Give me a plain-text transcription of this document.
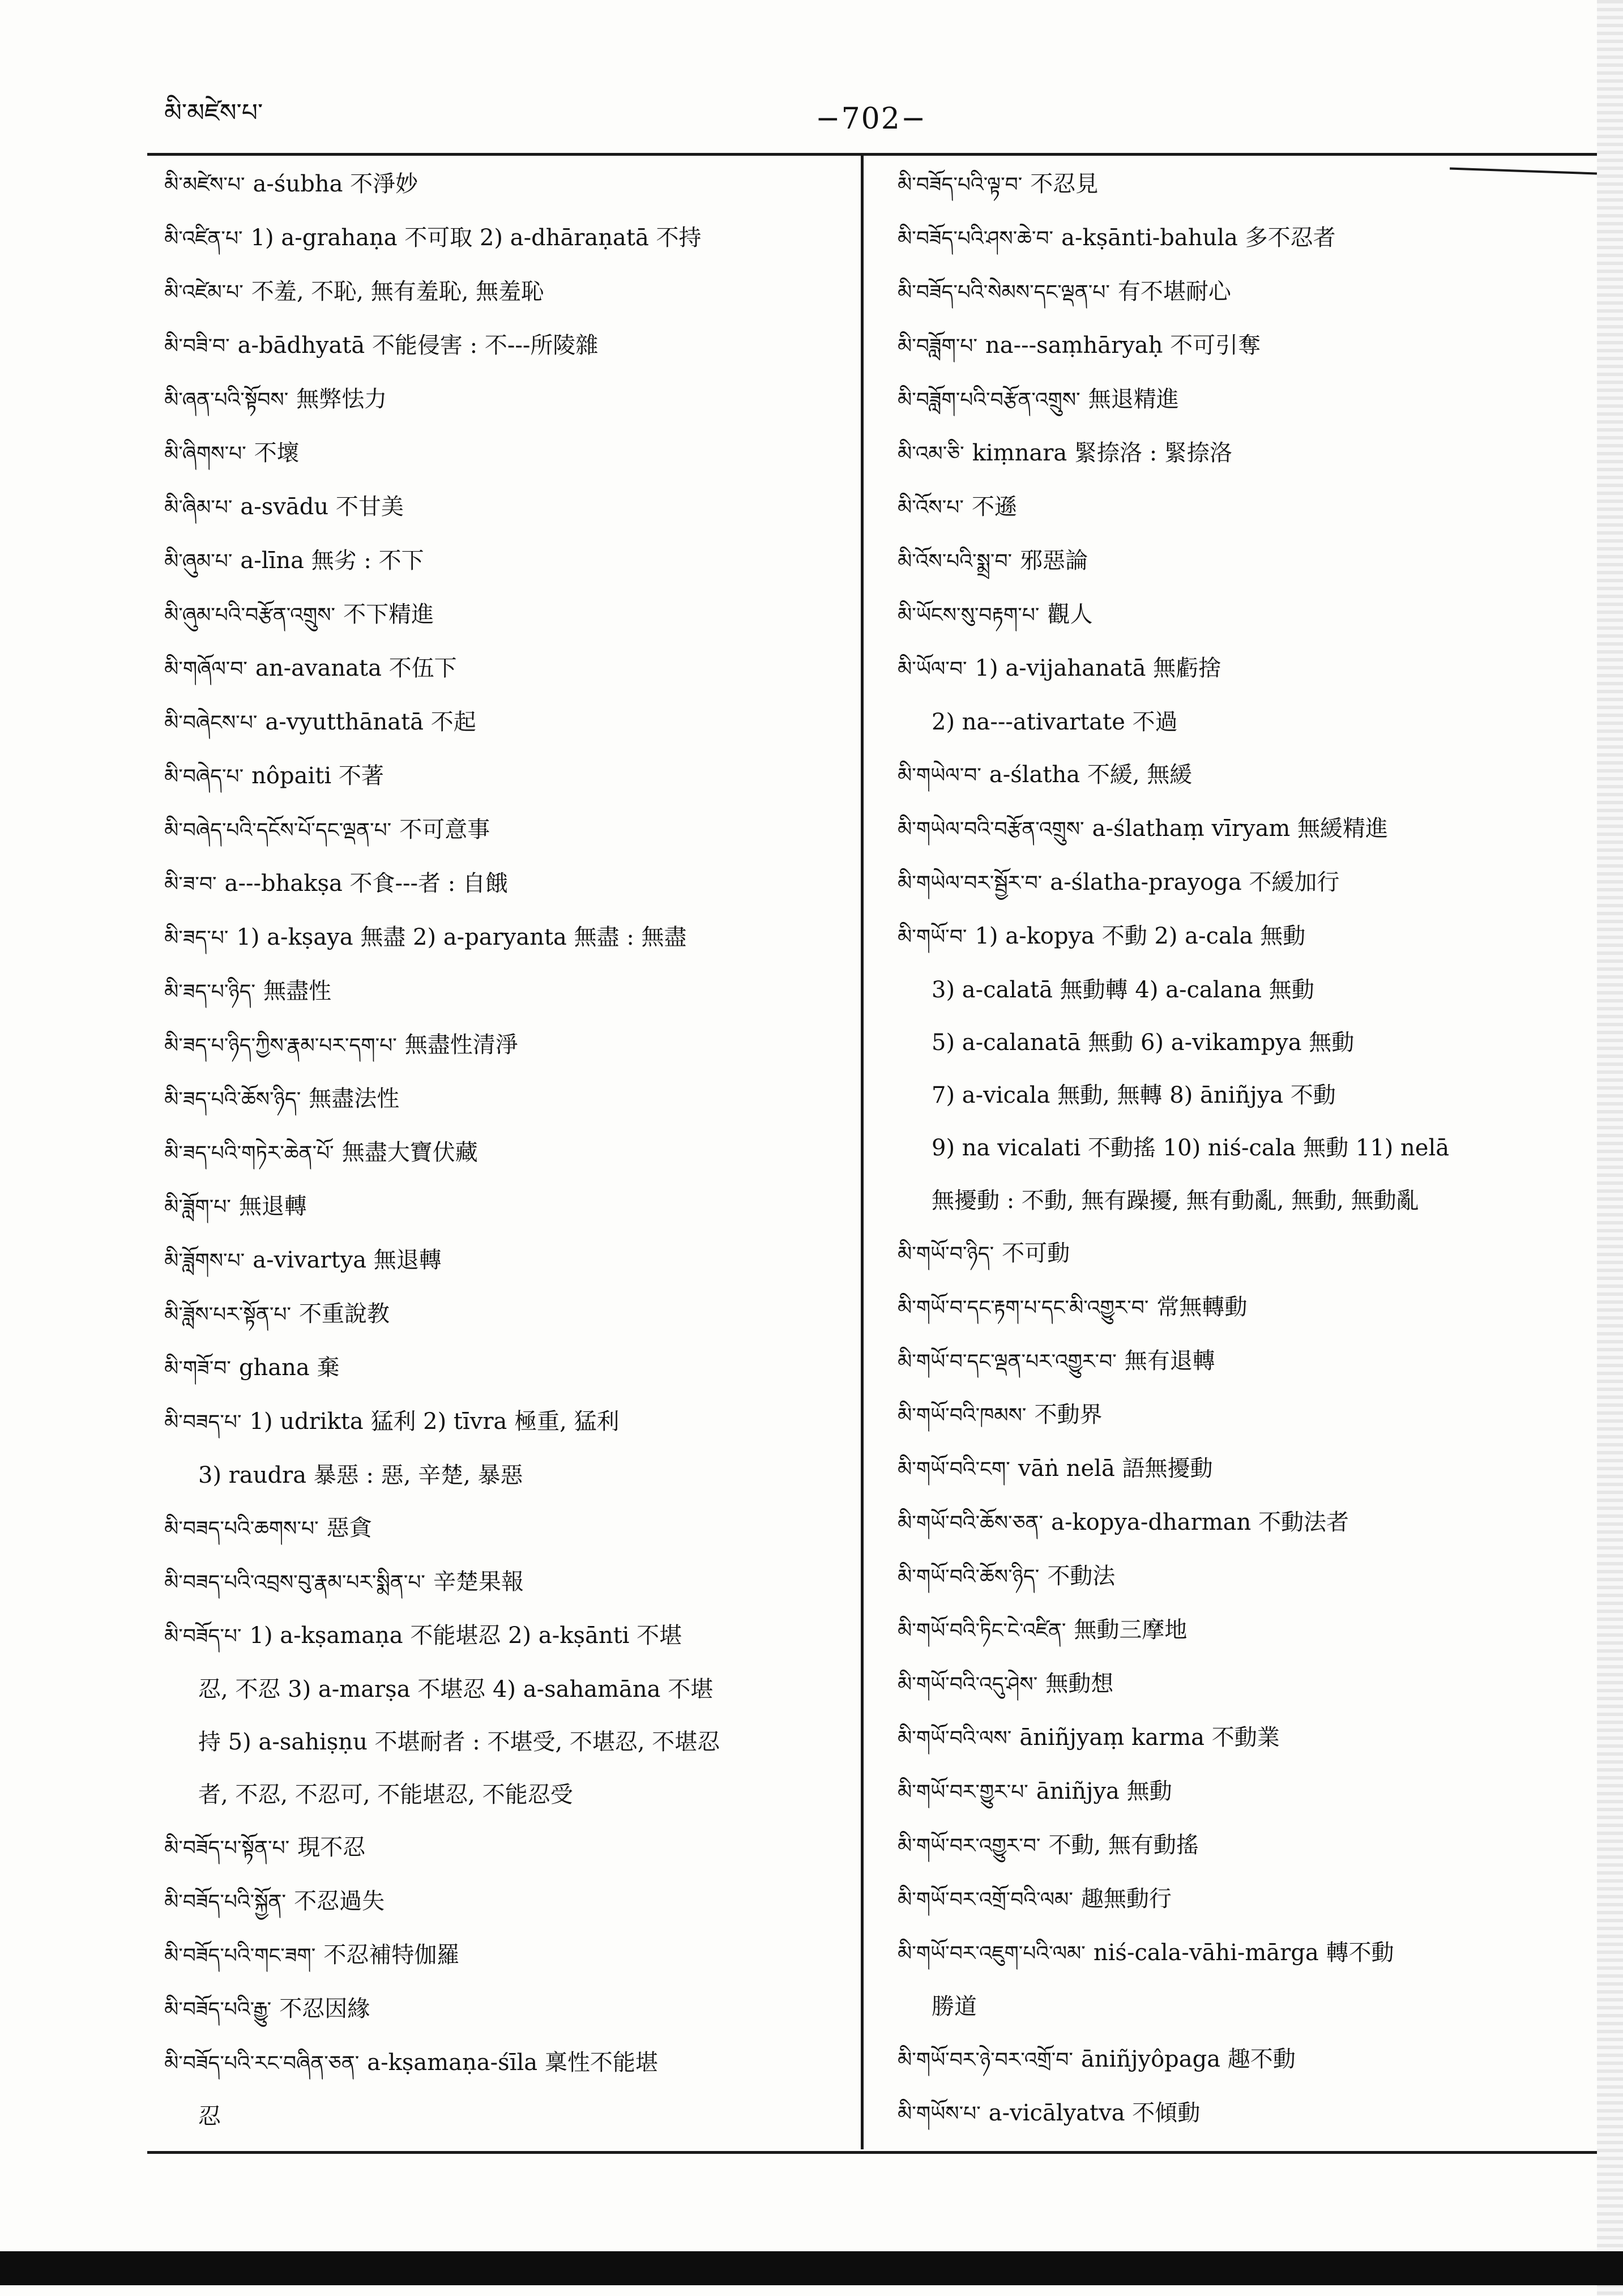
མི་མཛེས་པ་	−702−
མི་མཛེས་པ་ a-śubha 不淨妙
མི་འཛིན་པ་ 1) a-grahaṇa 不可取 2) a-dhāraṇatā 不持
མི་འཛེམ་པ་ 不羞, 不恥, 無有羞恥, 無羞恥
མི་བཟི་བ་ a-bādhyatā 不能侵害 : 不---所陵雜
མི་ཞན་པའི་སྟོབས་ 無弊怯力
མི་ཞིགས་པ་ 不壞
མི་ཞིམ་པ་ a-svādu 不甘美
མི་ཞུམ་པ་ a-līna 無劣 : 不下
མི་ཞུམ་པའི་བརྩོན་འགྲུས་ 不下精進
མི་གཞོལ་བ་ an-avanata 不伍下
མི་བཞེངས་པ་ a-vyutthānatā 不起
མི་བཞེད་པ་ nôpaiti 不著
མི་བཞེད་པའི་དངོས་པོ་དང་ལྡན་པ་ 不可意事
མི་ཟ་བ་ a---bhakṣa 不食---者 : 自餓
མི་ཟད་པ་ 1) a-kṣaya 無盡 2) a-paryanta 無盡 : 無盡
མི་ཟད་པ་ཉིད་ 無盡性
མི་ཟད་པ་ཉིད་ཀྱིས་རྣམ་པར་དག་པ་ 無盡性清淨
མི་ཟད་པའི་ཆོས་ཉིད་ 無盡法性
མི་ཟད་པའི་གཏེར་ཆེན་པོ་ 無盡大寶伏藏
མི་ཟློག་པ་ 無退轉
མི་ཟློགས་པ་ a-vivartya 無退轉
མི་ཟློས་པར་སྟོན་པ་ 不重說教
མི་གཟོ་བ་ ghana 棄
མི་བཟད་པ་ 1) udrikta 猛利 2) tīvra 極重, 猛利
3) raudra 暴惡 : 惡, 辛楚, 暴惡
མི་བཟད་པའི་ཆགས་པ་ 惡貪
མི་བཟད་པའི་འབྲས་བུ་རྣམ་པར་སྨིན་པ་ 辛楚果報
མི་བཟོད་པ་ 1) a-kṣamaṇa 不能堪忍 2) a-kṣānti 不堪
忍, 不忍 3) a-marṣa 不堪忍 4) a-sahamāna 不堪
持 5) a-sahiṣṇu 不堪耐者 : 不堪受, 不堪忍, 不堪忍
者, 不忍, 不忍可, 不能堪忍, 不能忍受
མི་བཟོད་པ་སྟོན་པ་ 現不忍
མི་བཟོད་པའི་སྐྱོན་ 不忍過失
མི་བཟོད་པའི་གང་ཟག་ 不忍補特伽羅
མི་བཟོད་པའི་རྒྱུ་ 不忍因緣
མི་བཟོད་པའི་རང་བཞིན་ཅན་ a-kṣamaṇa-śīla 稟性不能堪
忍
མི་བཟོད་པའི་ལྟ་བ་ 不忍見
མི་བཟོད་པའི་ཤས་ཆེ་བ་ a-kṣānti-bahula 多不忍者
མི་བཟོད་པའི་སེམས་དང་ལྡན་པ་ 有不堪耐心
མི་བཟློག་པ་ na---saṃhāryaḥ 不可引奪
མི་བཟློག་པའི་བརྩོན་འགྲུས་ 無退精進
མི་འམ་ཅི་ kiṃnara 緊捺洛 : 緊捺洛
མི་འོས་པ་ 不遜
མི་འོས་པའི་སྨྲ་བ་ 邪惡論
མི་ཡོངས་སུ་བརྟག་པ་ 觀人
མི་ཡོལ་བ་ 1) a-vijahanatā 無虧捨
2) na---ativartate 不過
མི་གཡེལ་བ་ a-ślatha 不緩, 無緩
མི་གཡེལ་བའི་བརྩོན་འགྲུས་ a-ślathaṃ vīryam 無緩精進
མི་གཡེལ་བར་སྦྱོར་བ་ a-ślatha-prayoga 不緩加行
མི་གཡོ་བ་ 1) a-kopya 不動 2) a-cala 無動
3) a-calatā 無動轉 4) a-calana 無動
5) a-calanatā 無動 6) a-vikampya 無動
7) a-vicala 無動, 無轉 8) āniñjya 不動
9) na vicalati 不動搖 10) niś-cala 無動 11) nelā
無擾動 : 不動, 無有躁擾, 無有動亂, 無動, 無動亂
མི་གཡོ་བ་ཉིད་ 不可動
མི་གཡོ་བ་དང་རྟག་པ་དང་མི་འགྱུར་བ་ 常無轉動
མི་གཡོ་བ་དང་ལྡན་པར་འགྱུར་བ་ 無有退轉
མི་གཡོ་བའི་ཁམས་ 不動界
མི་གཡོ་བའི་ངག་ vāṅ nelā 語無擾動
མི་གཡོ་བའི་ཆོས་ཅན་ a-kopya-dharman 不動法者
མི་གཡོ་བའི་ཆོས་ཉིད་ 不動法
མི་གཡོ་བའི་ཏིང་ངེ་འཛིན་ 無動三摩地
མི་གཡོ་བའི་འདུ་ཤེས་ 無動想
མི་གཡོ་བའི་ལས་ āniñjyaṃ karma 不動業
མི་གཡོ་བར་གྱུར་པ་ āniñjya 無動
མི་གཡོ་བར་འགྱུར་བ་ 不動, 無有動搖
མི་གཡོ་བར་འགྲོ་བའི་ལམ་ 趣無動行
མི་གཡོ་བར་འཇུག་པའི་ལམ་ niś-cala-vāhi-mārga 轉不動
勝道
མི་གཡོ་བར་ཉེ་བར་འགྲོ་བ་ āniñjyôpaga 趣不動
མི་གཡོས་པ་ a-vicālyatva 不傾動
